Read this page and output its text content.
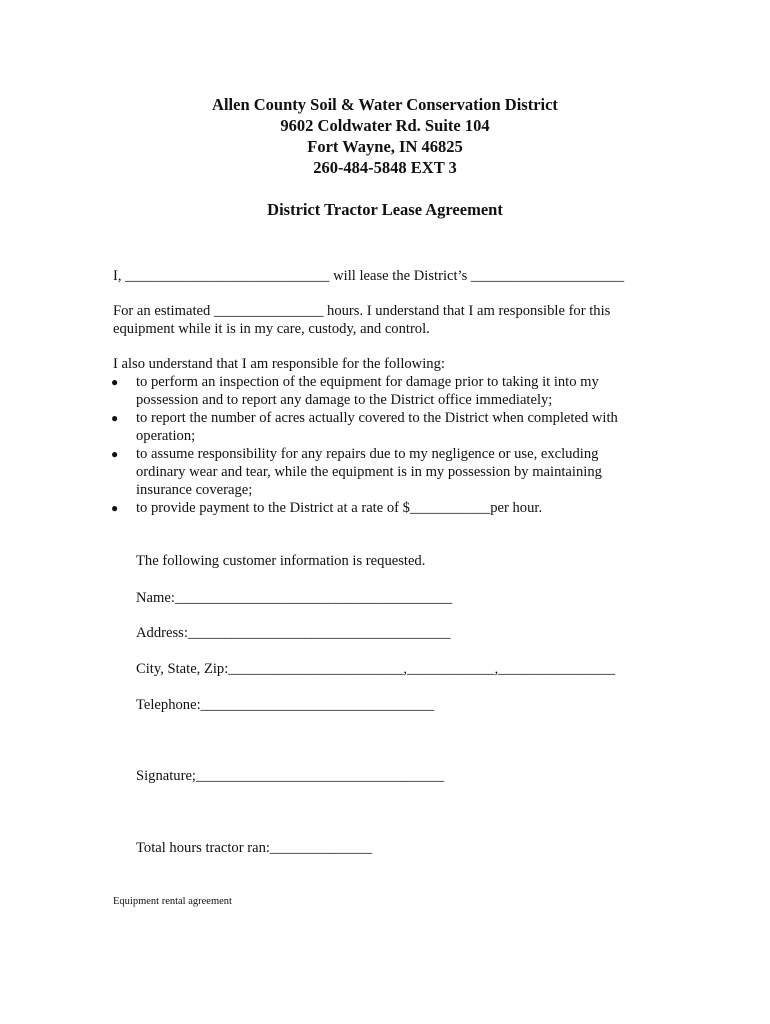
Allen County Soil & Water Conservation District
9602 Coldwater Rd. Suite 104
Fort Wayne, IN 46825
260-484-5848 EXT 3
District Tractor Lease Agreement
I, ____________________________ will lease the District’s _____________________
For an estimated _______________ hours. I understand that I am responsible for this
equipment while it is in my care, custody, and control.
I also understand that I am responsible for the following:
● to perform an inspection of the equipment for damage prior to taking it into my
possession and to report any damage to the District office immediately;
● to report the number of acres actually covered to the District when completed with
operation;
● to assume responsibility for any repairs due to my negligence or use, excluding
ordinary wear and tear, while the equipment is in my possession by maintaining
insurance coverage;
● to provide payment to the District at a rate of $___________per hour.
The following customer information is requested.
Name:______________________________________
Address:____________________________________
City, State, Zip:________________________,____________,________________
Telephone:________________________________
Signature;__________________________________
Total hours tractor ran:______________
Equipment rental agreement
